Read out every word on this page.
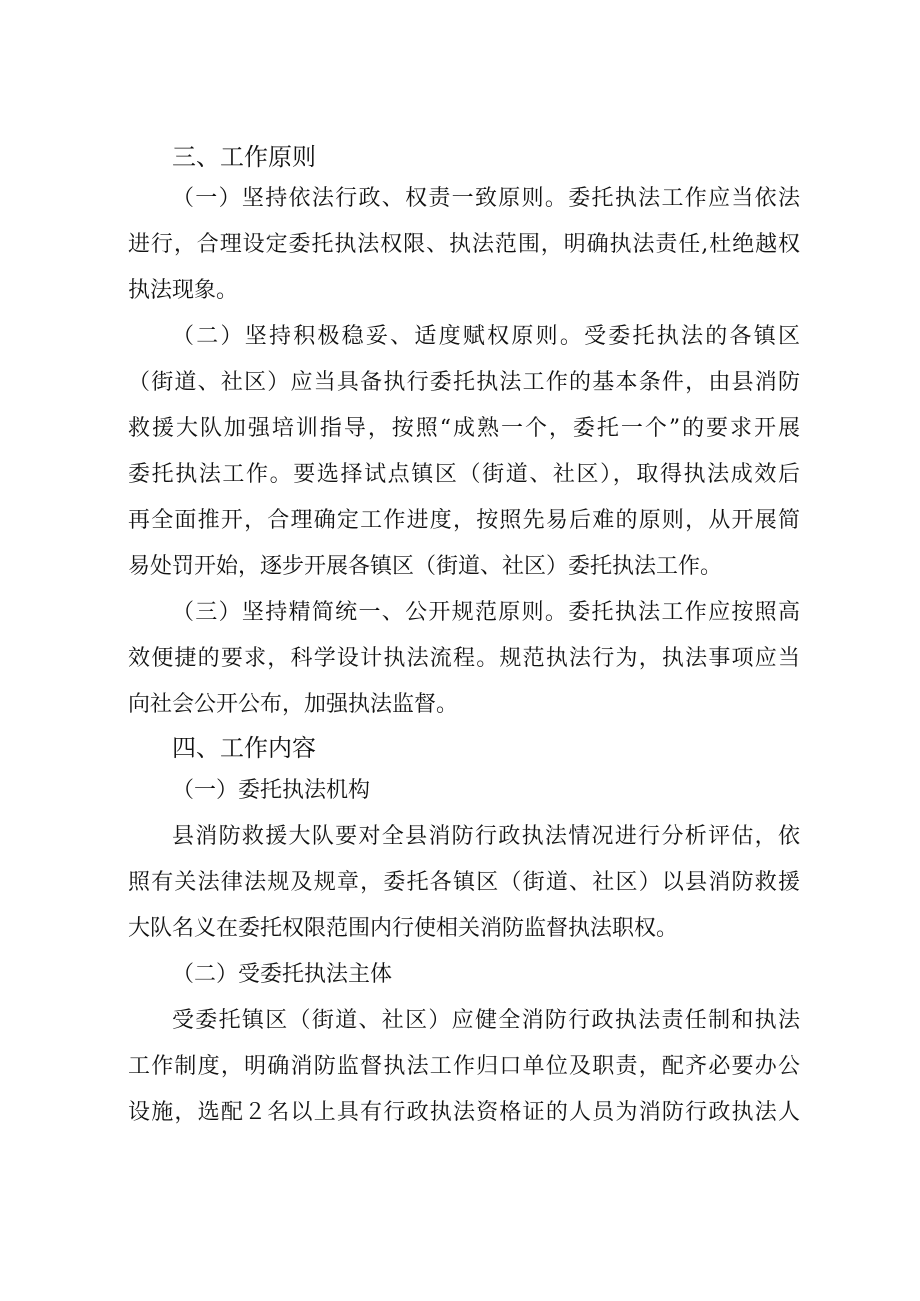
三、工作原则
（一）坚持依法行政、权责一致原则。委托执法工作应当依法
进行，合理设定委托执法权限、执法范围，明确执法责任,杜绝越权
执法现象。
（二）坚持积极稳妥、适度赋权原则。受委托执法的各镇区
（街道、社区）应当具备执行委托执法工作的基本条件，由县消防
救援大队加强培训指导，按照“成熟一个，委托一个”的要求开展
委托执法工作。要选择试点镇区（街道、社区），取得执法成效后
再全面推开，合理确定工作进度，按照先易后难的原则，从开展简
易处罚开始，逐步开展各镇区（街道、社区）委托执法工作。
（三）坚持精简统一、公开规范原则。委托执法工作应按照高
效便捷的要求，科学设计执法流程。规范执法行为，执法事项应当
向社会公开公布，加强执法监督。
四、工作内容
（一）委托执法机构
县消防救援大队要对全县消防行政执法情况进行分析评估，依
照有关法律法规及规章，委托各镇区（街道、社区）以县消防救援
大队名义在委托权限范围内行使相关消防监督执法职权。
（二）受委托执法主体
受委托镇区（街道、社区）应健全消防行政执法责任制和执法
工作制度，明确消防监督执法工作归口单位及职责，配齐必要办公
设施，选配２名以上具有行政执法资格证的人员为消防行政执法人
